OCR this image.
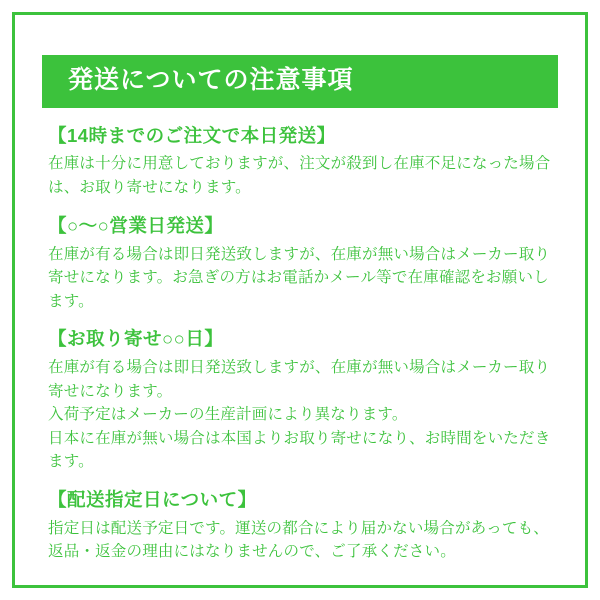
発送についての注意事項
【14時までのご注文で本日発送】

在庫は十分に用意しておりますが、注文が殺到し在庫不足になった場合は、お取り寄せになります。

【○〜○営業日発送】

在庫が有る場合は即日発送致しますが、在庫が無い場合はメーカー取り寄せになります。お急ぎの方はお電話かメール等で在庫確認をお願いします。

【お取り寄せ○○日】

在庫が有る場合は即日発送致しますが、在庫が無い場合はメーカー取り寄せになります。

入荷予定はメーカーの生産計画により異なります。

日本に在庫が無い場合は本国よりお取り寄せになり、お時間をいただきます。

【配送指定日について】

指定日は配送予定日です。運送の都合により届かない場合があっても、返品・返金の理由にはなりませんので、ご了承ください。
